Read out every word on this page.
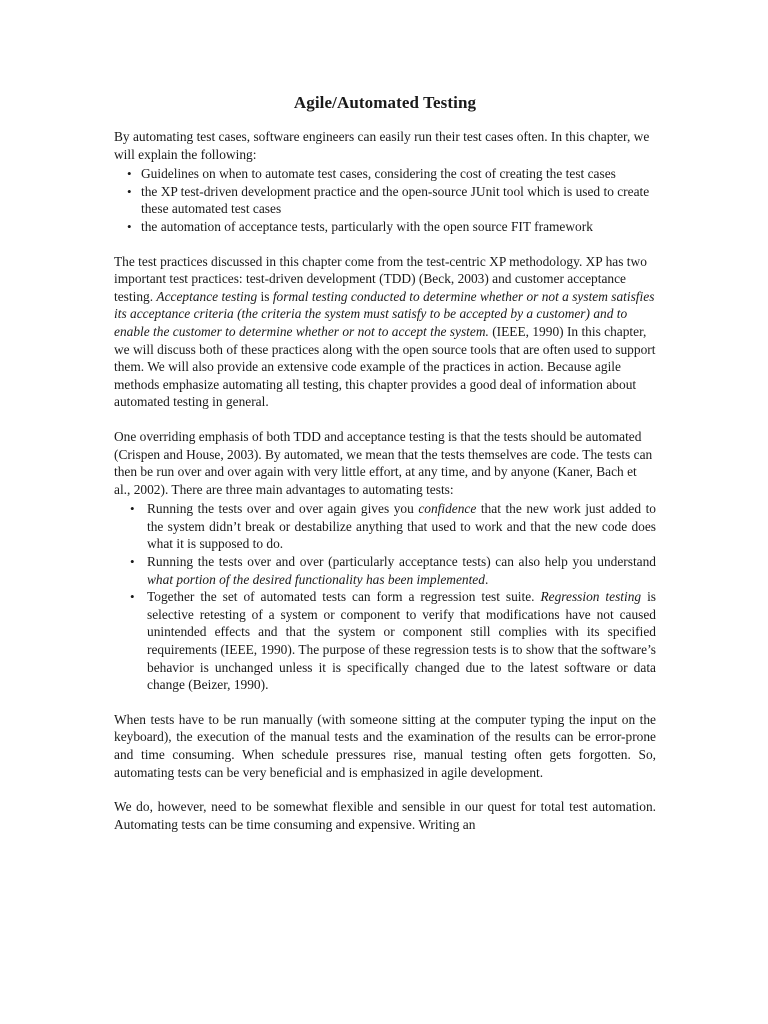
Agile/Automated Testing

By automating test cases, software engineers can easily run their test cases often. In this chapter, we will explain the following:

• Guidelines on when to automate test cases, considering the cost of creating the test cases
• the XP test-driven development practice and the open-source JUnit tool which is used to create these automated test cases
• the automation of acceptance tests, particularly with the open source FIT framework

The test practices discussed in this chapter come from the test-centric XP methodology. XP has two important test practices: test-driven development (TDD) (Beck, 2003) and customer acceptance testing. Acceptance testing is formal testing conducted to determine whether or not a system satisfies its acceptance criteria (the criteria the system must satisfy to be accepted by a customer) and to enable the customer to determine whether or not to accept the system. (IEEE, 1990) In this chapter, we will discuss both of these practices along with the open source tools that are often used to support them. We will also provide an extensive code example of the practices in action. Because agile methods emphasize automating all testing, this chapter provides a good deal of information about automated testing in general.

One overriding emphasis of both TDD and acceptance testing is that the tests should be automated (Crispen and House, 2003). By automated, we mean that the tests themselves are code. The tests can then be run over and over again with very little effort, at any time, and by anyone (Kaner, Bach et al., 2002). There are three main advantages to automating tests:

• Running the tests over and over again gives you confidence that the new work just added to the system didn’t break or destabilize anything that used to work and that the new code does what it is supposed to do.
• Running the tests over and over (particularly acceptance tests) can also help you understand what portion of the desired functionality has been implemented.
• Together the set of automated tests can form a regression test suite. Regression testing is selective retesting of a system or component to verify that modifications have not caused unintended effects and that the system or component still complies with its specified requirements (IEEE, 1990). The purpose of these regression tests is to show that the software’s behavior is unchanged unless it is specifically changed due to the latest software or data change (Beizer, 1990).

When tests have to be run manually (with someone sitting at the computer typing the input on the keyboard), the execution of the manual tests and the examination of the results can be error-prone and time consuming. When schedule pressures rise, manual testing often gets forgotten. So, automating tests can be very beneficial and is emphasized in agile development.

We do, however, need to be somewhat flexible and sensible in our quest for total test automation. Automating tests can be time consuming and expensive. Writing an
